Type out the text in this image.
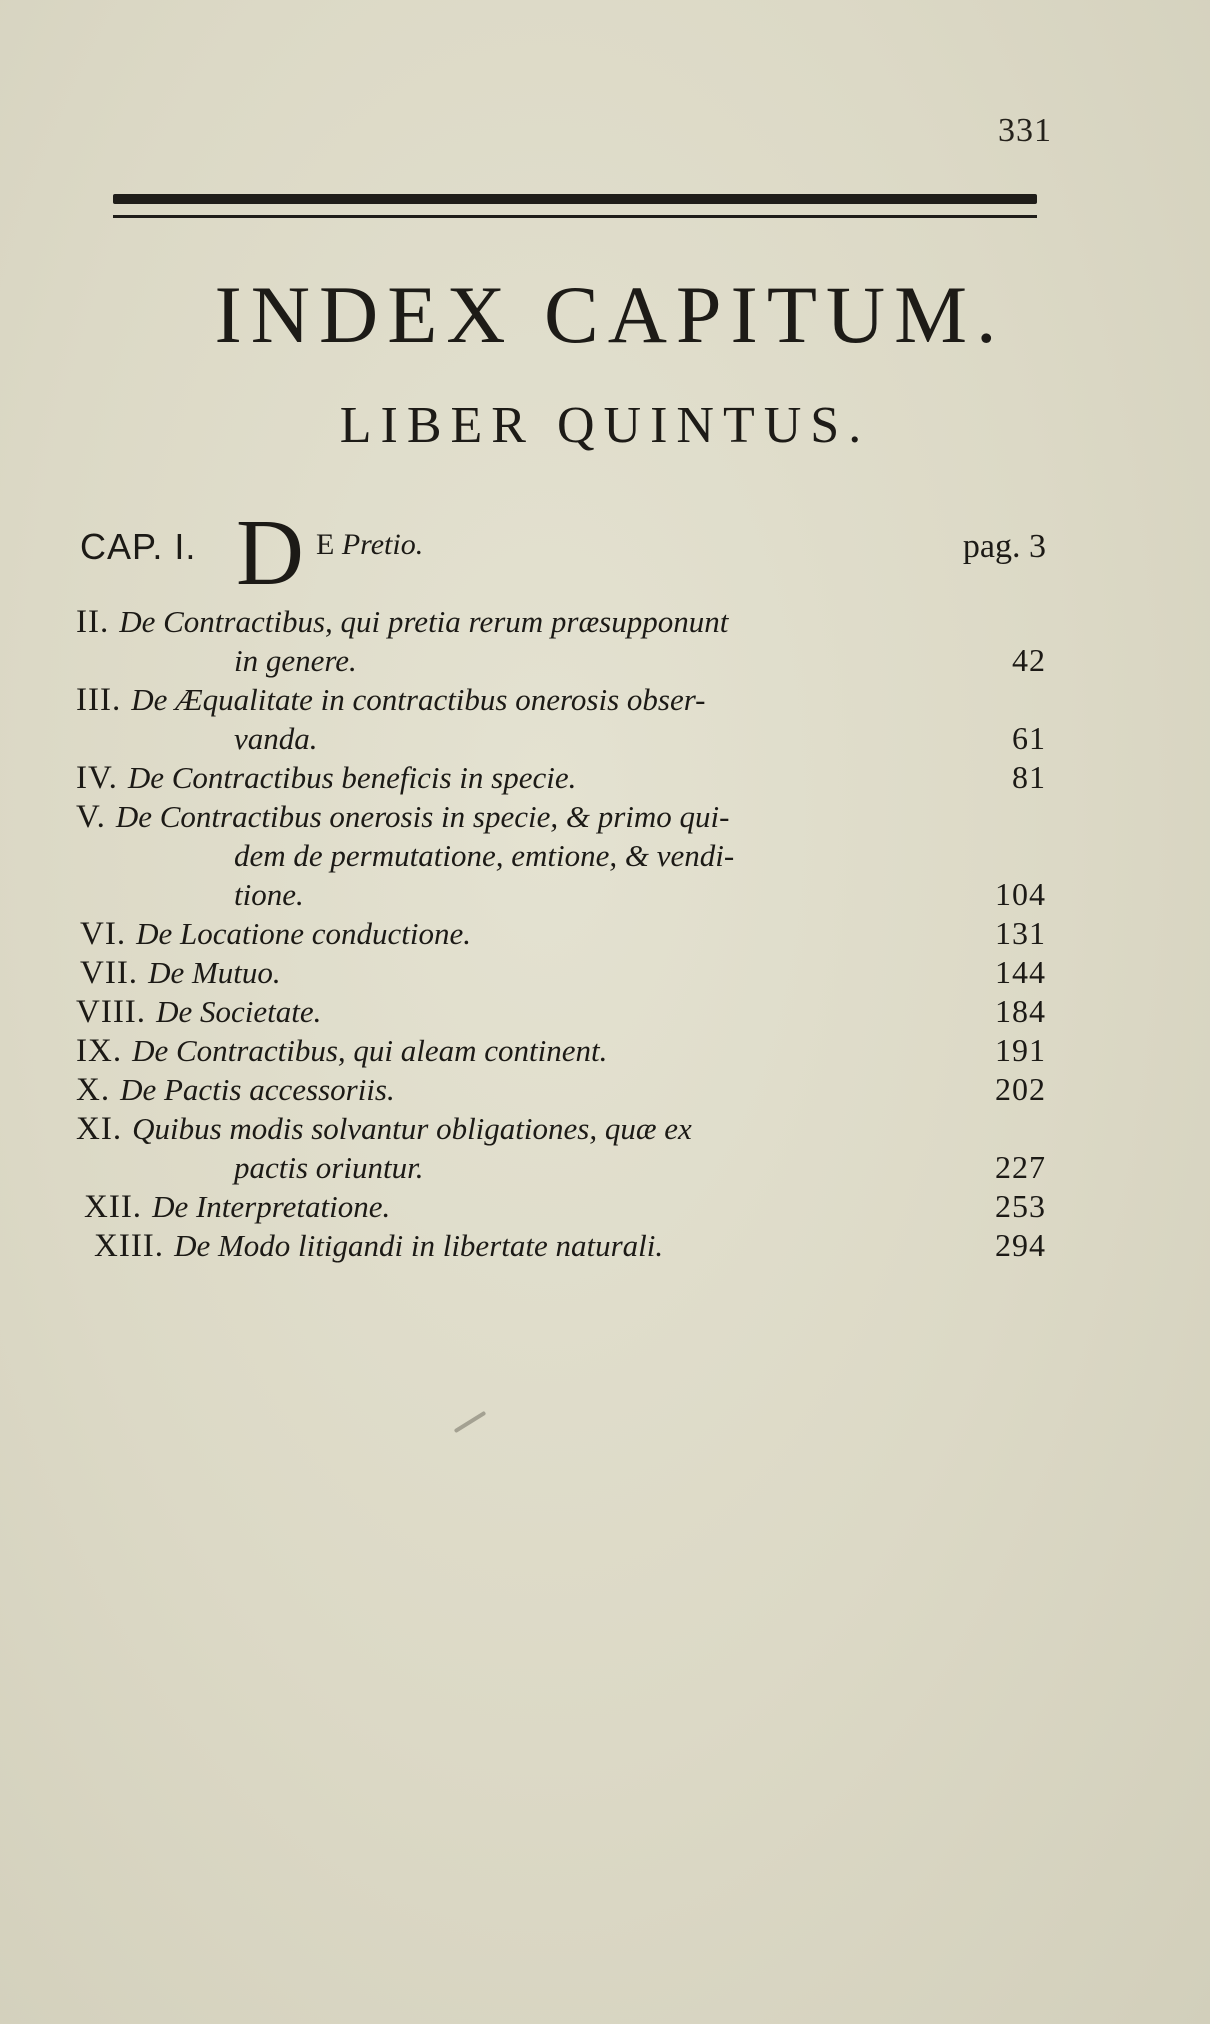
331
INDEX CAPITUM.
LIBER QUINTUS.
CAP. I. D E Pretio.	pag. 3
II. De Contractibus, qui pretia rerum præsupponunt
in genere.	42
III. De Æqualitate in contractibus onerosis obser-
vanda.	61
IV. De Contractibus beneficis in specie.	81
V. De Contractibus onerosis in specie, & primo qui-
dem de permutatione, emtione, & vendi-
tione.	104
VI. De Locatione conductione.	131
VII. De Mutuo.	144
VIII. De Societate.	184
IX. De Contractibus, qui aleam continent.	191
X. De Pactis accessoriis.	202
XI. Quibus modis solvantur obligationes, quæ ex
pactis oriuntur.	227
XII. De Interpretatione.	253
XIII. De Modo litigandi in libertate naturali.	294
